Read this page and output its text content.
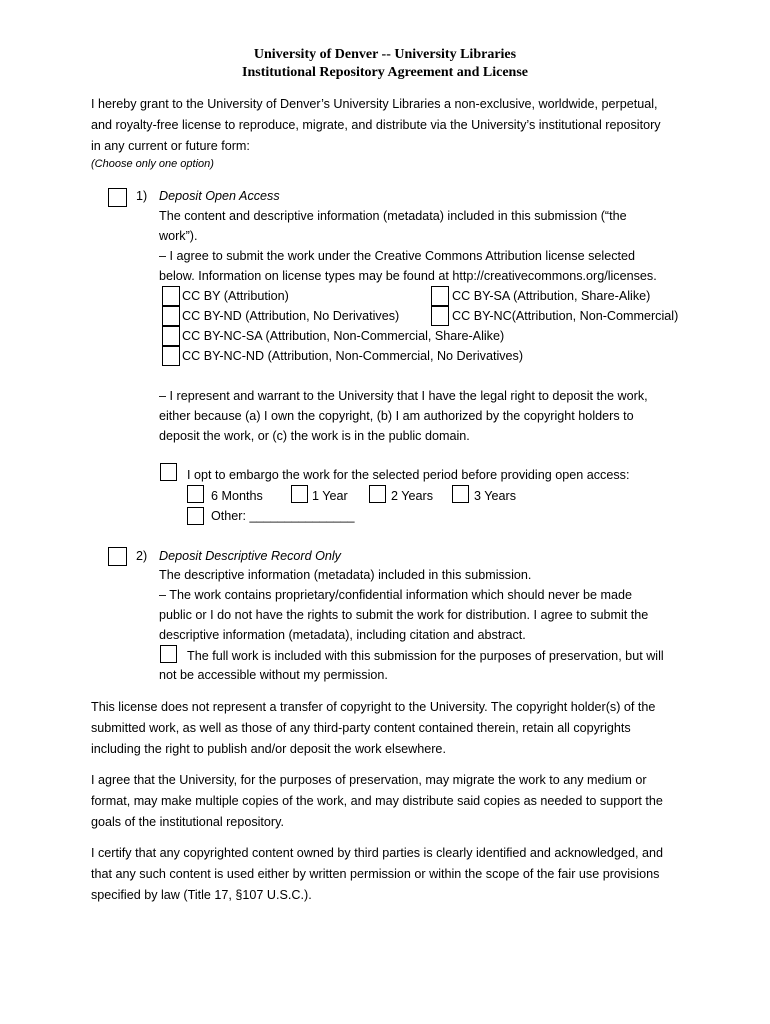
University of Denver -- University Libraries
Institutional Repository Agreement and License
I hereby grant to the University of Denver’s University Libraries a non-exclusive, worldwide, perpetual,
and royalty-free license to reproduce, migrate, and distribute via the University’s institutional repository
in any current or future form:
(Choose only one option)
1) Deposit Open Access
The content and descriptive information (metadata) included in this submission (“the
work”).
– I agree to submit the work under the Creative Commons Attribution license selected
below. Information on license types may be found at http://creativecommons.org/licenses.
CC BY (Attribution)	CC BY-SA (Attribution, Share-Alike)
CC BY-ND (Attribution, No Derivatives)	CC BY-NC(Attribution, Non-Commercial)
CC BY-NC-SA (Attribution, Non-Commercial, Share-Alike)
CC BY-NC-ND (Attribution, Non-Commercial, No Derivatives)
– I represent and warrant to the University that I have the legal right to deposit the work,
either because (a) I own the copyright, (b) I am authorized by the copyright holders to
deposit the work, or (c) the work is in the public domain.
I opt to embargo the work for the selected period before providing open access:
6 Months	1 Year	2 Years	3 Years
Other: _______________
2) Deposit Descriptive Record Only
The descriptive information (metadata) included in this submission.
– The work contains proprietary/confidential information which should never be made
public or I do not have the rights to submit the work for distribution. I agree to submit the
descriptive information (metadata), including citation and abstract.
The full work is included with this submission for the purposes of preservation, but will
not be accessible without my permission.
This license does not represent a transfer of copyright to the University. The copyright holder(s) of the
submitted work, as well as those of any third-party content contained therein, retain all copyrights
including the right to publish and/or deposit the work elsewhere.
I agree that the University, for the purposes of preservation, may migrate the work to any medium or
format, may make multiple copies of the work, and may distribute said copies as needed to support the
goals of the institutional repository.
I certify that any copyrighted content owned by third parties is clearly identified and acknowledged, and
that any such content is used either by written permission or within the scope of the fair use provisions
specified by law (Title 17, §107 U.S.C.).
